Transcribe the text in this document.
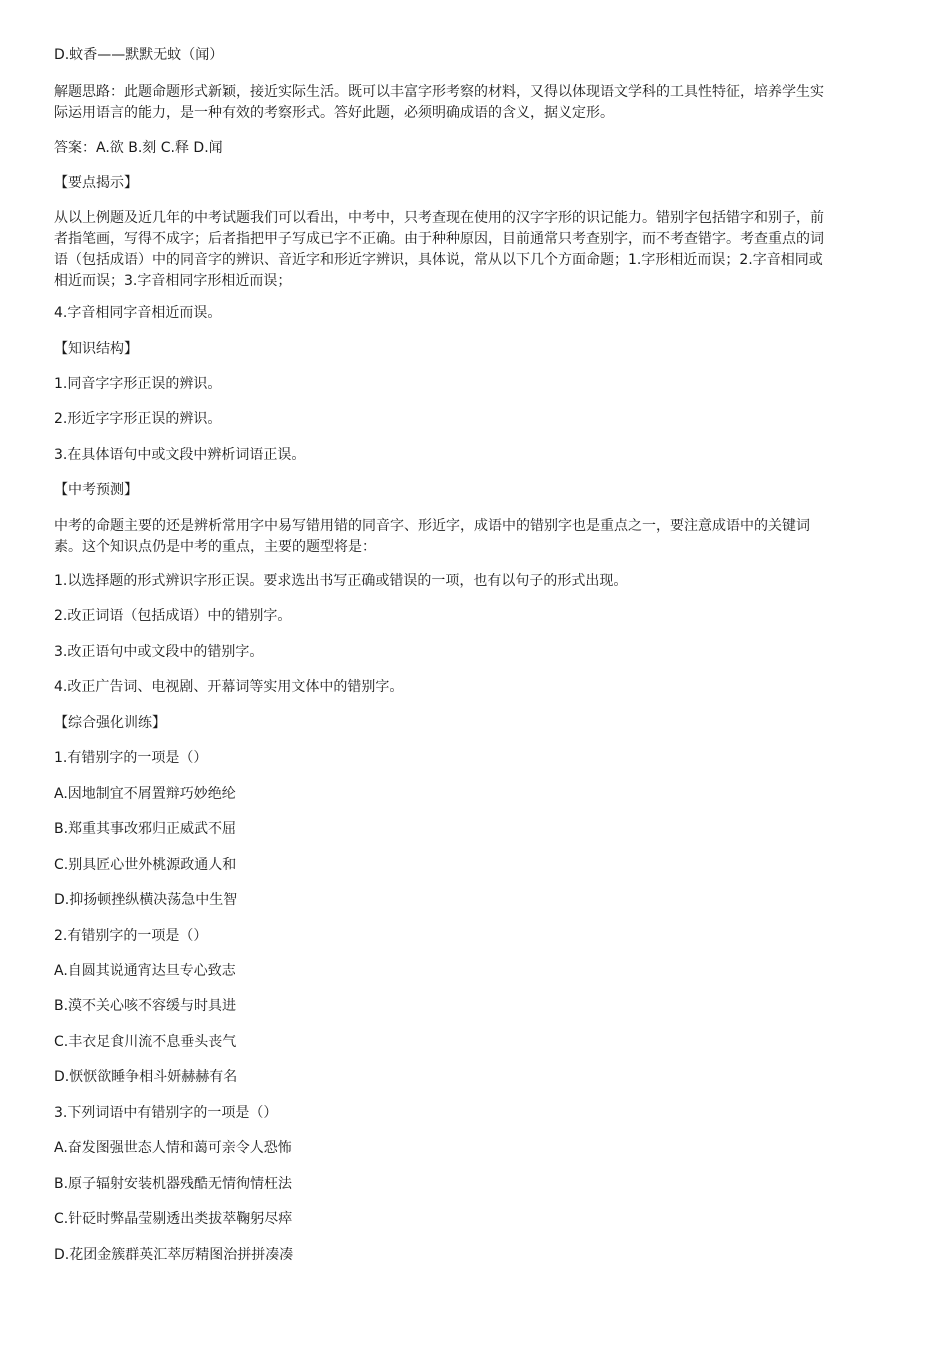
D.蚊香——默默无蚊（闻）
解题思路：此题命题形式新颖，接近实际生活。既可以丰富字形考察的材料，又得以体现语文学科的工具性特征，培养学生实
际运用语言的能力，是一种有效的考察形式。答好此题，必须明确成语的含义，据义定形。
答案：A.欲 B.刻 C.释 D.闻
【要点揭示】
从以上例题及近几年的中考试题我们可以看出，中考中，只考查现在使用的汉字字形的识记能力。错别字包括错字和别子，前
者指笔画，写得不成字；后者指把甲子写成已字不正确。由于种种原因，目前通常只考查别字，而不考查错字。考查重点的词
语（包括成语）中的同音字的辨识、音近字和形近字辨识，具体说，常从以下几个方面命题；1.字形相近而误；2.字音相同或
相近而误；3.字音相同字形相近而误；
4.字音相同字音相近而误。
【知识结构】
1.同音字字形正误的辨识。
2.形近字字形正误的辨识。
3.在具体语句中或文段中辨析词语正误。
【中考预测】
中考的命题主要的还是辨析常用字中易写错用错的同音字、形近字，成语中的错别字也是重点之一，要注意成语中的关键词
素。这个知识点仍是中考的重点，主要的题型将是：
1.以选择题的形式辨识字形正误。要求选出书写正确或错误的一项，也有以句子的形式出现。
2.改正词语（包括成语）中的错别字。
3.改正语句中或文段中的错别字。
4.改正广告词、电视剧、开幕词等实用文体中的错别字。
【综合强化训练】
1.有错别字的一项是（）
A.因地制宜不屑置辩巧妙绝纶
B.郑重其事改邪归正威武不屈
C.别具匠心世外桃源政通人和
D.抑扬顿挫纵横决荡急中生智
2.有错别字的一项是（）
A.自圆其说通宵达旦专心致志
B.漠不关心咳不容缓与时具进
C.丰衣足食川流不息垂头丧气
D.恹恹欲睡争相斗妍赫赫有名
3.下列词语中有错别字的一项是（）
A.奋发图强世态人情和蔼可亲令人恐怖
B.原子辐射安装机器残酷无情徇情枉法
C.针砭时弊晶莹剔透出类拔萃鞠躬尽瘁
D.花团金簇群英汇萃厉精图治拼拼凑凑
